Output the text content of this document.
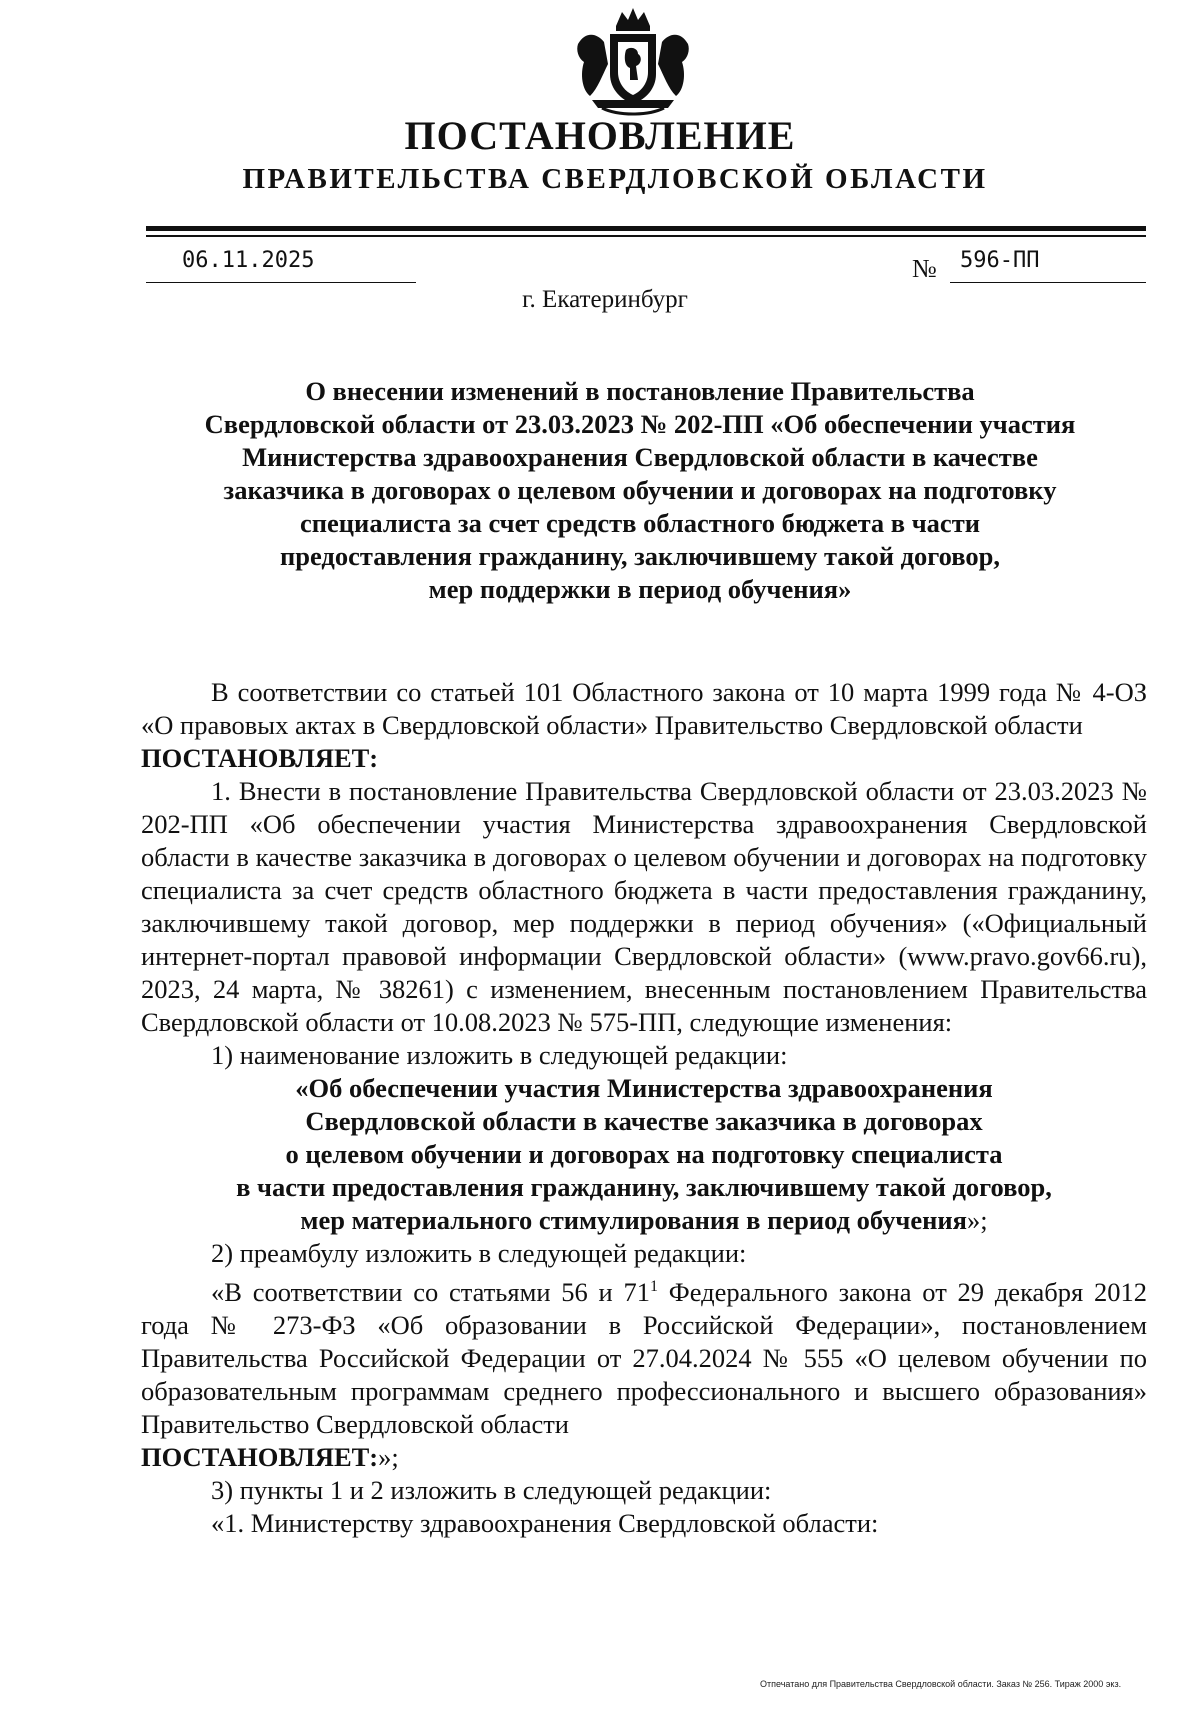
ПОСТАНОВЛЕНИЕ
ПРАВИТЕЛЬСТВА СВЕРДЛОВСКОЙ ОБЛАСТИ
06.11.2025	№ 596-ПП
г. Екатеринбург
О внесении изменений в постановление Правительства
Свердловской области от 23.03.2023 № 202-ПП «Об обеспечении участия
Министерства здравоохранения Свердловской области в качестве
заказчика в договорах о целевом обучении и договорах на подготовку
специалиста за счет средств областного бюджета в части
предоставления гражданину, заключившему такой договор,
мер поддержки в период обучения»

В соответствии со статьей 101 Областного закона от 10 марта 1999 года № 4-ОЗ «О правовых актах в Свердловской области» Правительство Свердловской области

ПОСТАНОВЛЯЕТ:

1. Внести в постановление Правительства Свердловской области от 23.03.2023 № 202-ПП «Об обеспечении участия Министерства здравоохранения Свердловской области в качестве заказчика в договорах о целевом обучении и договорах на подготовку специалиста за счет средств областного бюджета в части предоставления гражданину, заключившему такой договор, мер поддержки в период обучения» («Официальный интернет-портал правовой информации Свердловской области» (www.pravo.gov66.ru), 2023, 24 марта, № 38261) с изменением, внесенным постановлением Правительства Свердловской области от 10.08.2023 № 575-ПП, следующие изменения:

1) наименование изложить в следующей редакции:

«Об обеспечении участия Министерства здравоохранения

Свердловской области в качестве заказчика в договорах

о целевом обучении и договорах на подготовку специалиста

в части предоставления гражданину, заключившему такой договор,

мер материального стимулирования в период обучения»;

2) преамбулу изложить в следующей редакции:

«В соответствии со статьями 56 и $71^1$ Федерального закона от 29 декабря 2012 года № 273-ФЗ «Об образовании в Российской Федерации», постановлением Правительства Российской Федерации от 27.04.2024 № 555 «О целевом обучении по образовательным программам среднего профессионального и высшего образования» Правительство Свердловской области

ПОСТАНОВЛЯЕТ:»;

3) пункты 1 и 2 изложить в следующей редакции:

«1. Министерству здравоохранения Свердловской области:

Отпечатано для Правительства Свердловской области. Заказ № 256. Тираж 2000 экз.
